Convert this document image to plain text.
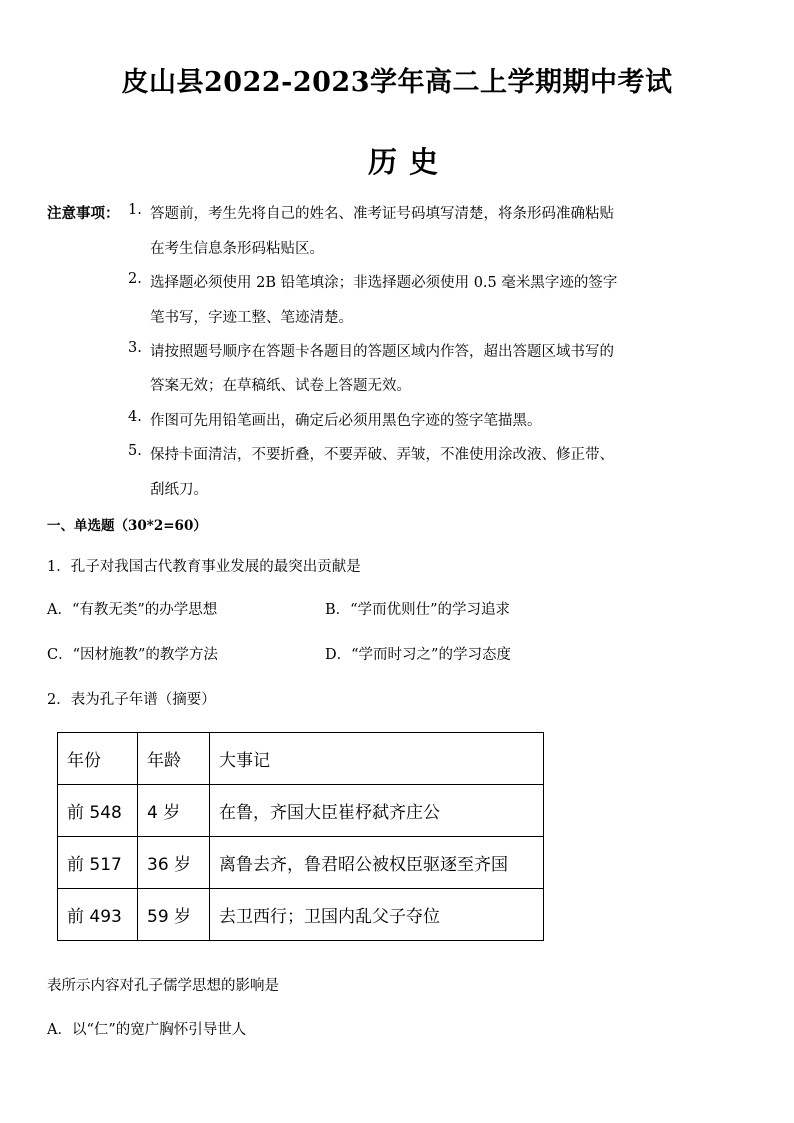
皮山县2022-2023学年高二上学期期中考试
历史
注意事项： 1. 答题前，考生先将自己的姓名、准考证号码填写清楚，将条形码准确粘贴
在考生信息条形码粘贴区。
2. 选择题必须使用 2B 铅笔填涂；非选择题必须使用 0.5 毫米黑字迹的签字
笔书写，字迹工整、笔迹清楚。
3. 请按照题号顺序在答题卡各题目的答题区域内作答，超出答题区域书写的
答案无效；在草稿纸、试卷上答题无效。
4. 作图可先用铅笔画出，确定后必须用黑色字迹的签字笔描黑。
5. 保持卡面清洁，不要折叠，不要弄破、弄皱，不准使用涂改液、修正带、
刮纸刀。
一、单选题（30*2=60）
1．孔子对我国古代教育事业发展的最突出贡献是
A．“有教无类”的办学思想	B．“学而优则仕”的学习追求
C．“因材施教”的教学方法	D．“学而时习之”的学习态度
2．表为孔子年谱（摘要）
年份	年龄	大事记
前 548	4 岁	在鲁，齐国大臣崔杼弑齐庄公
前 517	36 岁	离鲁去齐，鲁君昭公被权臣驱逐至齐国
前 493	59 岁	去卫西行；卫国内乱父子夺位
表所示内容对孔子儒学思想的影响是
A．以“仁”的宽广胸怀引导世人
